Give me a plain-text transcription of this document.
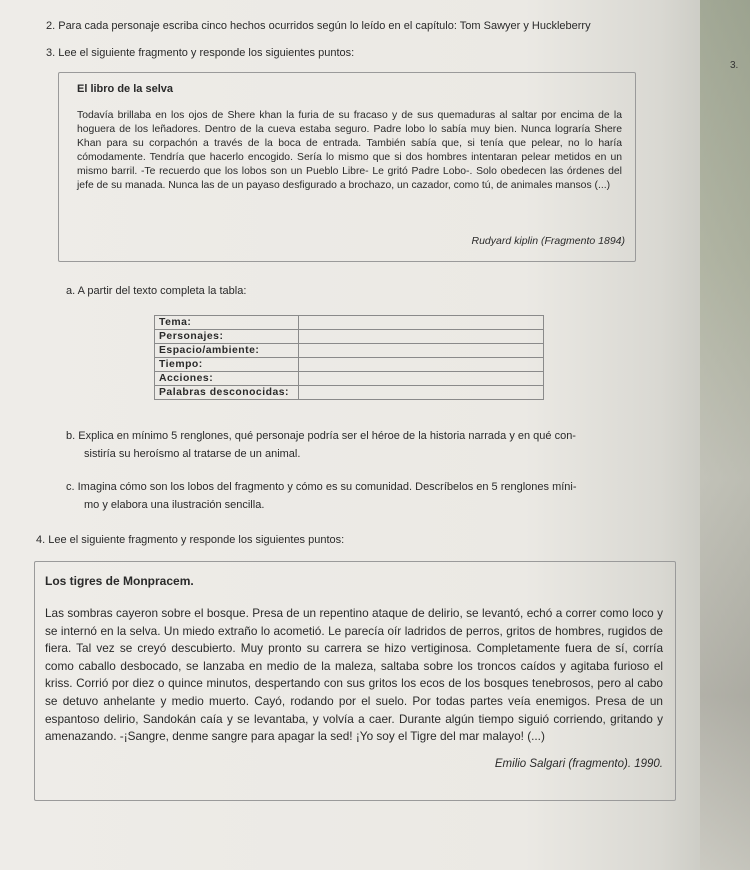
2. Para cada personaje escriba cinco hechos ocurridos según lo leído en el capítulo: Tom Sawyer y Huckleberry
3. Lee el siguiente fragmento y responde los siguientes puntos:
El libro de la selva
Todavía brillaba en los ojos de Shere khan la furia de su fracaso y de sus quemaduras al saltar por encima de la hoguera de los leñadores. Dentro de la cueva estaba seguro. Padre lobo lo sabía muy bien. Nunca lograría Shere Khan para su corpachón a través de la boca de entrada. También sabía que, si tenía que pelear, no lo haría cómodamente. Tendría que hacerlo encogido. Sería lo mismo que si dos hombres intentaran pelear metidos en un mismo barril. -Te recuerdo que los lobos son un Pueblo Libre- Le gritó Padre Lobo-. Solo obedecen las órdenes del jefe de su manada. Nunca las de un payaso desfigurado a brochazo, un cazador, como tú, de animales mansos (...)
Rudyard kiplin (Fragmento 1894)
a. A partir del texto completa la tabla:
Tema:	
Personajes:	
Espacio/ambiente:	
Tiempo:	
Acciones:	
Palabras desconocidas:	
b. Explica en mínimo 5 renglones, qué personaje podría ser el héroe de la historia narrada y en qué con-
sistiría su heroísmo al tratarse de un animal.
c. Imagina cómo son los lobos del fragmento y cómo es su comunidad. Descríbelos en 5 renglones míni-
mo y elabora una ilustración sencilla.
4. Lee el siguiente fragmento y responde los siguientes puntos:
Los tigres de Monpracem.
Las sombras cayeron sobre el bosque. Presa de un repentino ataque de delirio, se levantó, echó a correr como loco y se internó en la selva. Un miedo extraño lo acometió. Le parecía oír ladridos de perros, gritos de hombres, rugidos de fiera. Tal vez se creyó descubierto. Muy pronto su carrera se hizo vertiginosa. Completamente fuera de sí, corría como caballo desbocado, se lanzaba en medio de la maleza, saltaba sobre los troncos caídos y agitaba furioso el kriss. Corrió por diez o quince minutos, despertando con sus gritos los ecos de los bosques tenebrosos, pero al cabo se detuvo anhelante y medio muerto. Cayó, rodando por el suelo. Por todas partes veía enemigos. Presa de un espantoso delirio, Sandokán caía y se levantaba, y volvía a caer. Durante algún tiempo siguió corriendo, gritando y amenazando. -¡Sangre, denme sangre para apagar la sed! ¡Yo soy el Tigre del mar malayo! (...)
Emilio Salgari (fragmento). 1990.
3.
